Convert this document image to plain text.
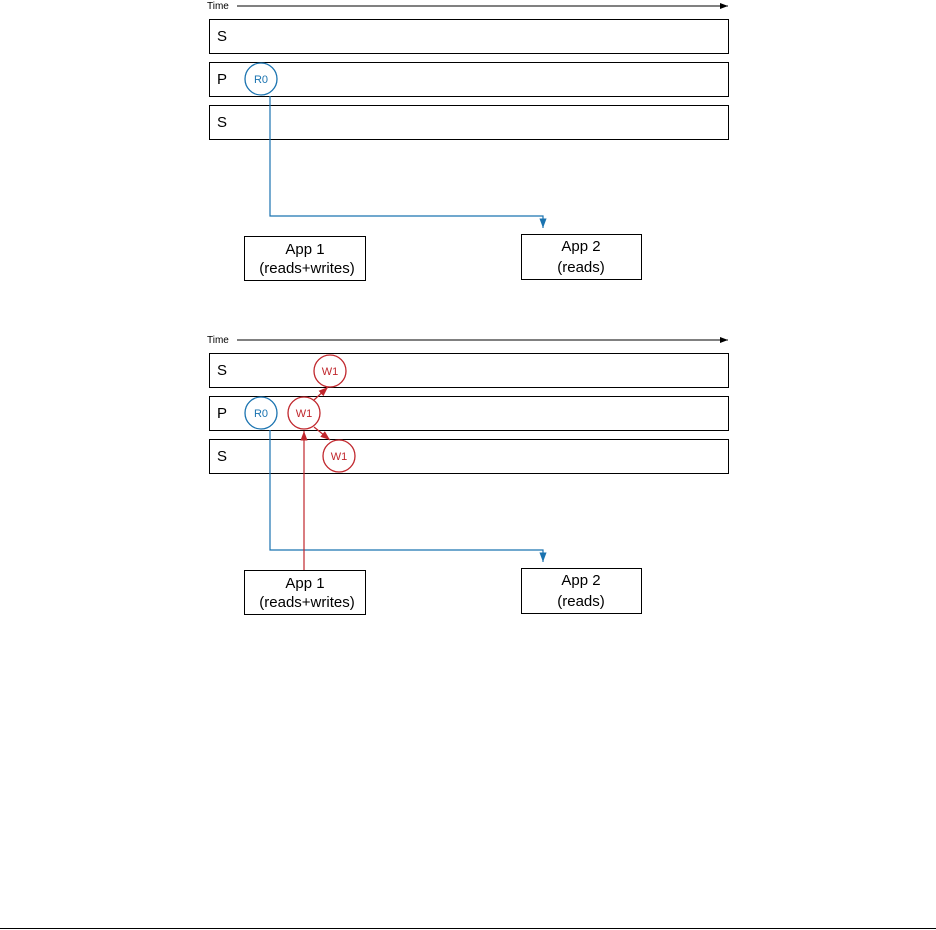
Time
S
P
S
R0
App 1
(reads+writes)
App 2
(reads)
Time
S
P
S
R0	W1
W1
W1
App 1
(reads+writes)
App 2
(reads)
